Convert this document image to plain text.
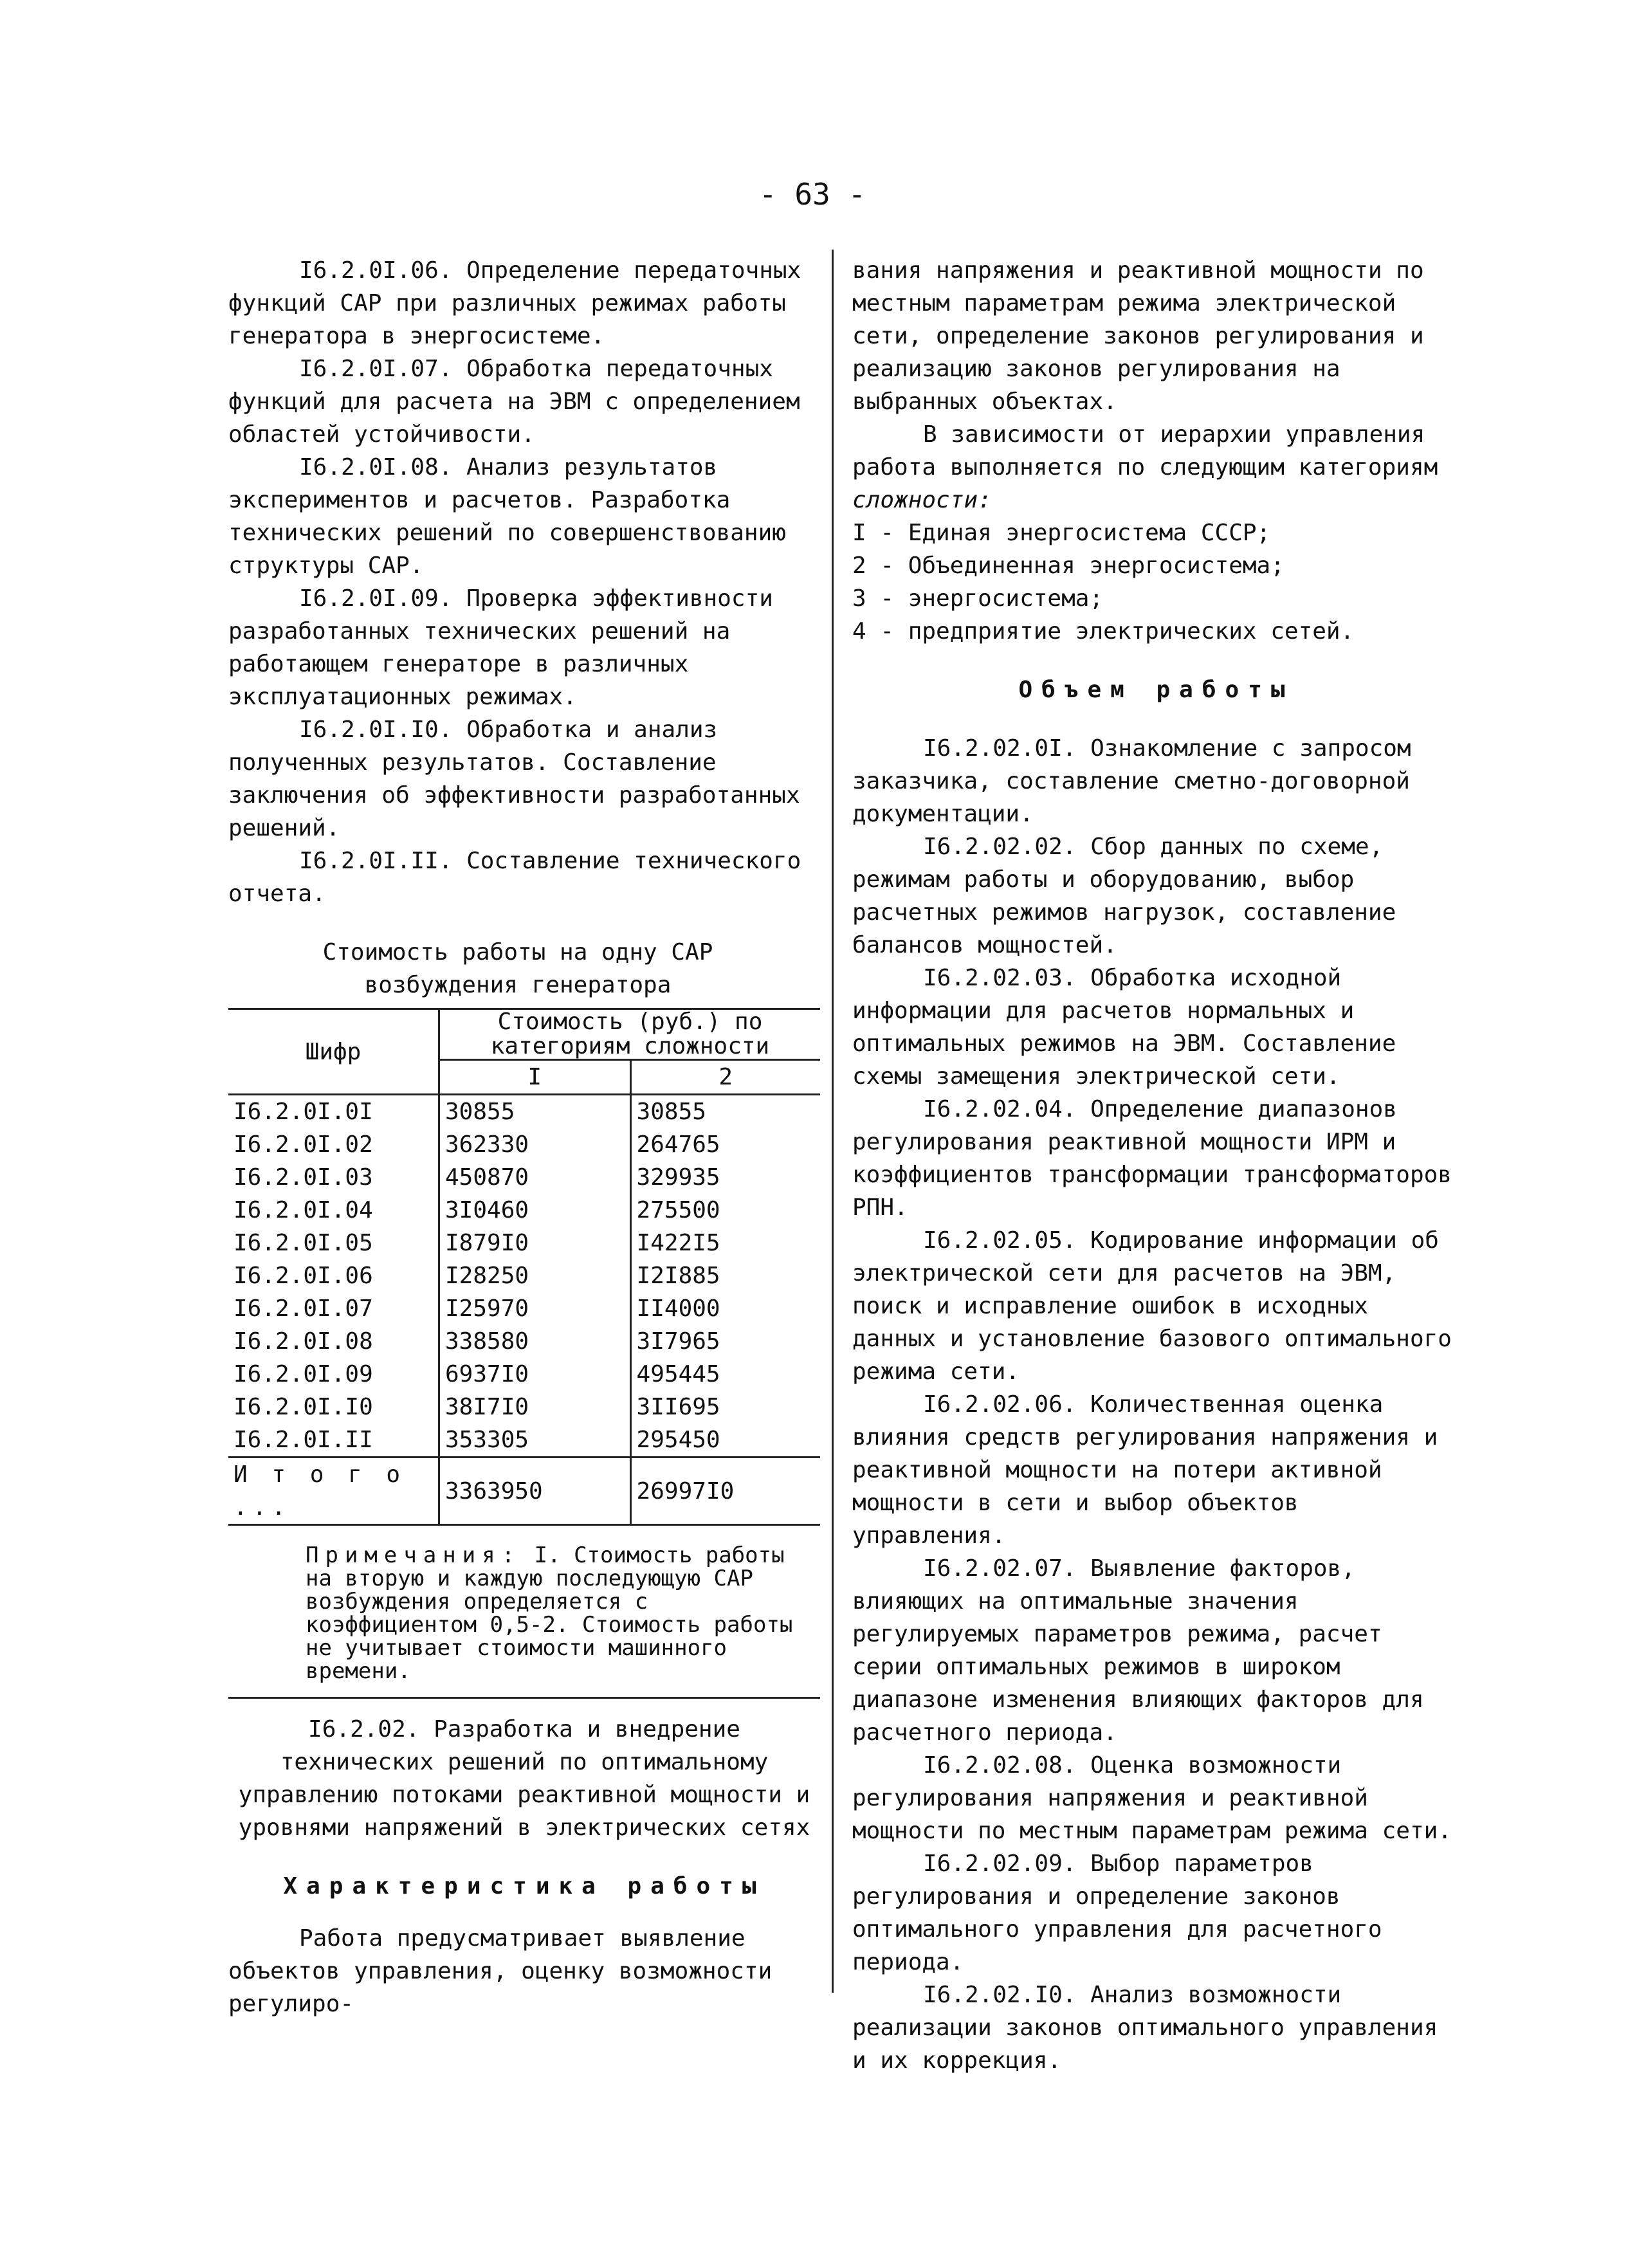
- 63 -

I6.2.0I.06. Определение передаточных функций САР при различных режимах работы генератора в энергосистеме.

I6.2.0I.07. Обработка передаточных функций для расчета на ЭВМ с определением областей устойчивости.

I6.2.0I.08. Анализ результатов экспериментов и расчетов. Разработка технических решений по совершенствованию структуры САР.

I6.2.0I.09. Проверка эффективности разработанных технических решений на работающем генераторе в различных эксплуатационных режимах.

I6.2.0I.I0. Обработка и анализ полученных результатов. Составление заключения об эффективности разработанных решений.

I6.2.0I.II. Составление технического отчета.

Стоимость работы на одну САР возбуждения генератора

Шифр	Стоимость (руб.) по категориям сложности	
	I	2
I6.2.0I.0I	30855	30855
I6.2.0I.02	362330	264765
I6.2.0I.03	450870	329935
I6.2.0I.04	3I0460	275500
I6.2.0I.05	I879I0	I422I5
I6.2.0I.06	I28250	I2I885
I6.2.0I.07	I25970	II4000
I6.2.0I.08	338580	3I7965
I6.2.0I.09	6937I0	495445
I6.2.0I.I0	38I7I0	3II695
I6.2.0I.II	353305	295450
И т о г о ...	3363950	26997I0
Примечания: I. Стоимость работы на вторую и каждую последующую САР возбуждения определяется с коэффициентом 0,5-2. Стоимость работы не учитывает стоимости машинного времени.

I6.2.02. Разработка и внедрение технических решений по оптимальному управлению потоками реактивной мощности и уровнями напряжений в электрических сетях

Характеристика работы

Работа предусматривает выявление объектов управления, оценку возможности регулиро-

вания напряжения и реактивной мощности по местным параметрам режима электрической сети, определение законов регулирования и реализацию законов регулирования на выбранных объектах.

В зависимости от иерархии управления работа выполняется по следующим категориям сложности:

I - Единая энергосистема СССР;

2 - Объединенная энергосистема;

3 - энергосистема;

4 - предприятие электрических сетей.

Объем работы

I6.2.02.0I. Ознакомление с запросом заказчика, составление сметно-договорной документации.

I6.2.02.02. Сбор данных по схеме, режимам работы и оборудованию, выбор расчетных режимов нагрузок, составление балансов мощностей.

I6.2.02.03. Обработка исходной информации для расчетов нормальных и оптимальных режимов на ЭВМ. Составление схемы замещения электрической сети.

I6.2.02.04. Определение диапазонов регулирования реактивной мощности ИРМ и коэффициентов трансформации трансформаторов РПН.

I6.2.02.05. Кодирование информации об электрической сети для расчетов на ЭВМ, поиск и исправление ошибок в исходных данных и установление базового оптимального режима сети.

I6.2.02.06. Количественная оценка влияния средств регулирования напряжения и реактивной мощности на потери активной мощности в сети и выбор объектов управления.

I6.2.02.07. Выявление факторов, влияющих на оптимальные значения регулируемых параметров режима, расчет серии оптимальных режимов в широком диапазоне изменения влияющих факторов для расчетного периода.

I6.2.02.08. Оценка возможности регулирования напряжения и реактивной мощности по местным параметрам режима сети.

I6.2.02.09. Выбор параметров регулирования и определение законов оптимального управления для расчетного периода.

I6.2.02.I0. Анализ возможности реализации законов оптимального управления и их коррекция.
